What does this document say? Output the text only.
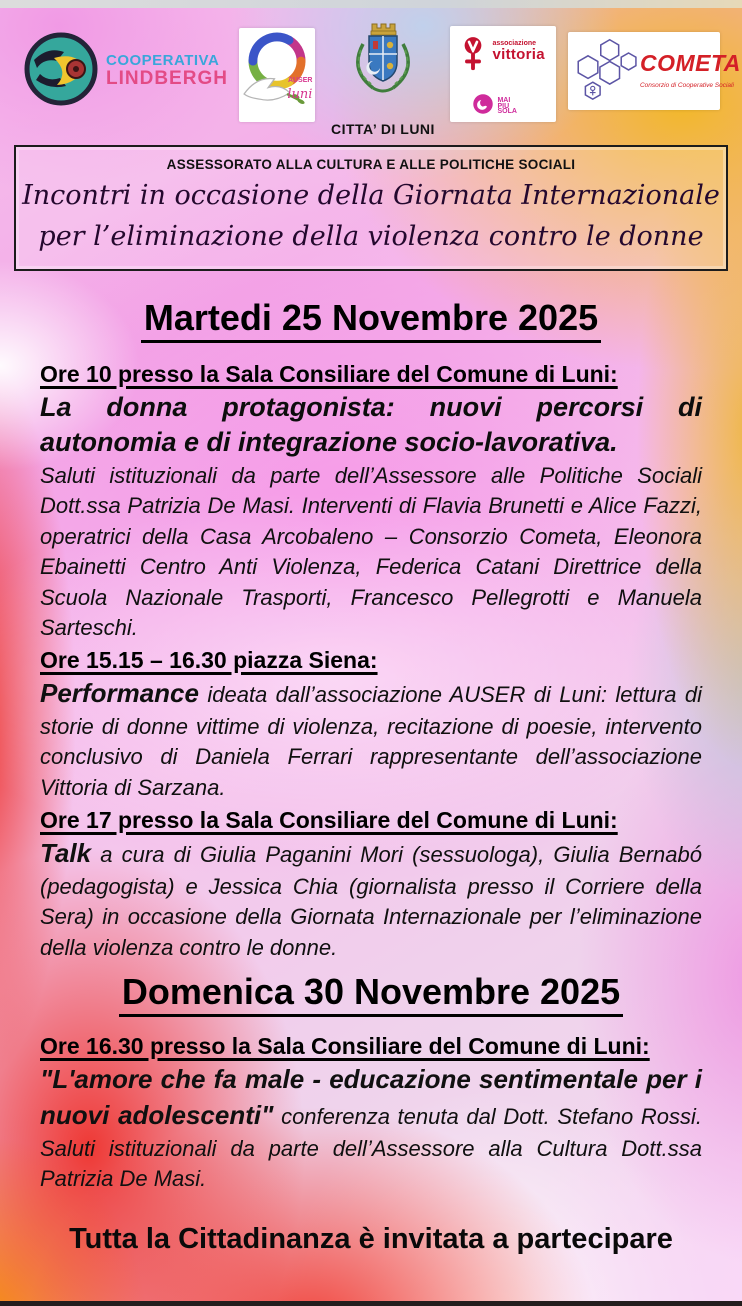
COOPERATIVA
LINDBERGH	AUSER
luni
CITTA’ DI LUNI
associazione
vittoria
MAI
PIU
SOLA
COMETA
Consorzio di Cooperative Sociali
ASSESSORATO ALLA CULTURA E ALLE POLITICHE SOCIALI
Incontri in occasione della Giornata Internazionale
per l’eliminazione della violenza contro le donne
Martedi 25 Novembre 2025
Ore 10 presso la Sala Consiliare del Comune di Luni:
La donna protagonista: nuovi percorsi di autonomia e di integrazione socio-lavorativa.

Saluti istituzionali da parte dell’Assessore alle Politiche Sociali Dott.ssa Patrizia De Masi. Interventi di Flavia Brunetti e Alice Fazzi, operatrici della Casa Arcobaleno – Consorzio Cometa, Eleonora Ebainetti Centro Anti Violenza, Federica Catani Direttrice della Scuola Nazionale Trasporti, Francesco Pellegrotti e Manuela Sarteschi.

Ore 15.15 – 16.30 piazza Siena:

Performance ideata dall’associazione AUSER di Luni: lettura di storie di donne vittime di violenza, recitazione di poesie, intervento conclusivo di Daniela Ferrari rappresentante dell’associazione Vittoria di Sarzana.

Ore 17 presso la Sala Consiliare del Comune di Luni:

Talk a cura di Giulia Paganini Mori (sessuologa), Giulia Bernabó (pedagogista) e Jessica Chia (giornalista presso il Corriere della Sera) in occasione della Giornata Internazionale per l’eliminazione della violenza contro le donne.

Domenica 30 Novembre 2025
Ore 16.30 presso la Sala Consiliare del Comune di Luni:

"L'amore che fa male - educazione sentimentale per i nuovi adolescenti" conferenza tenuta dal Dott. Stefano Rossi. Saluti istituzionali da parte dell’Assessore alla Cultura Dott.ssa Patrizia De Masi.

Tutta la Cittadinanza è invitata a partecipare
